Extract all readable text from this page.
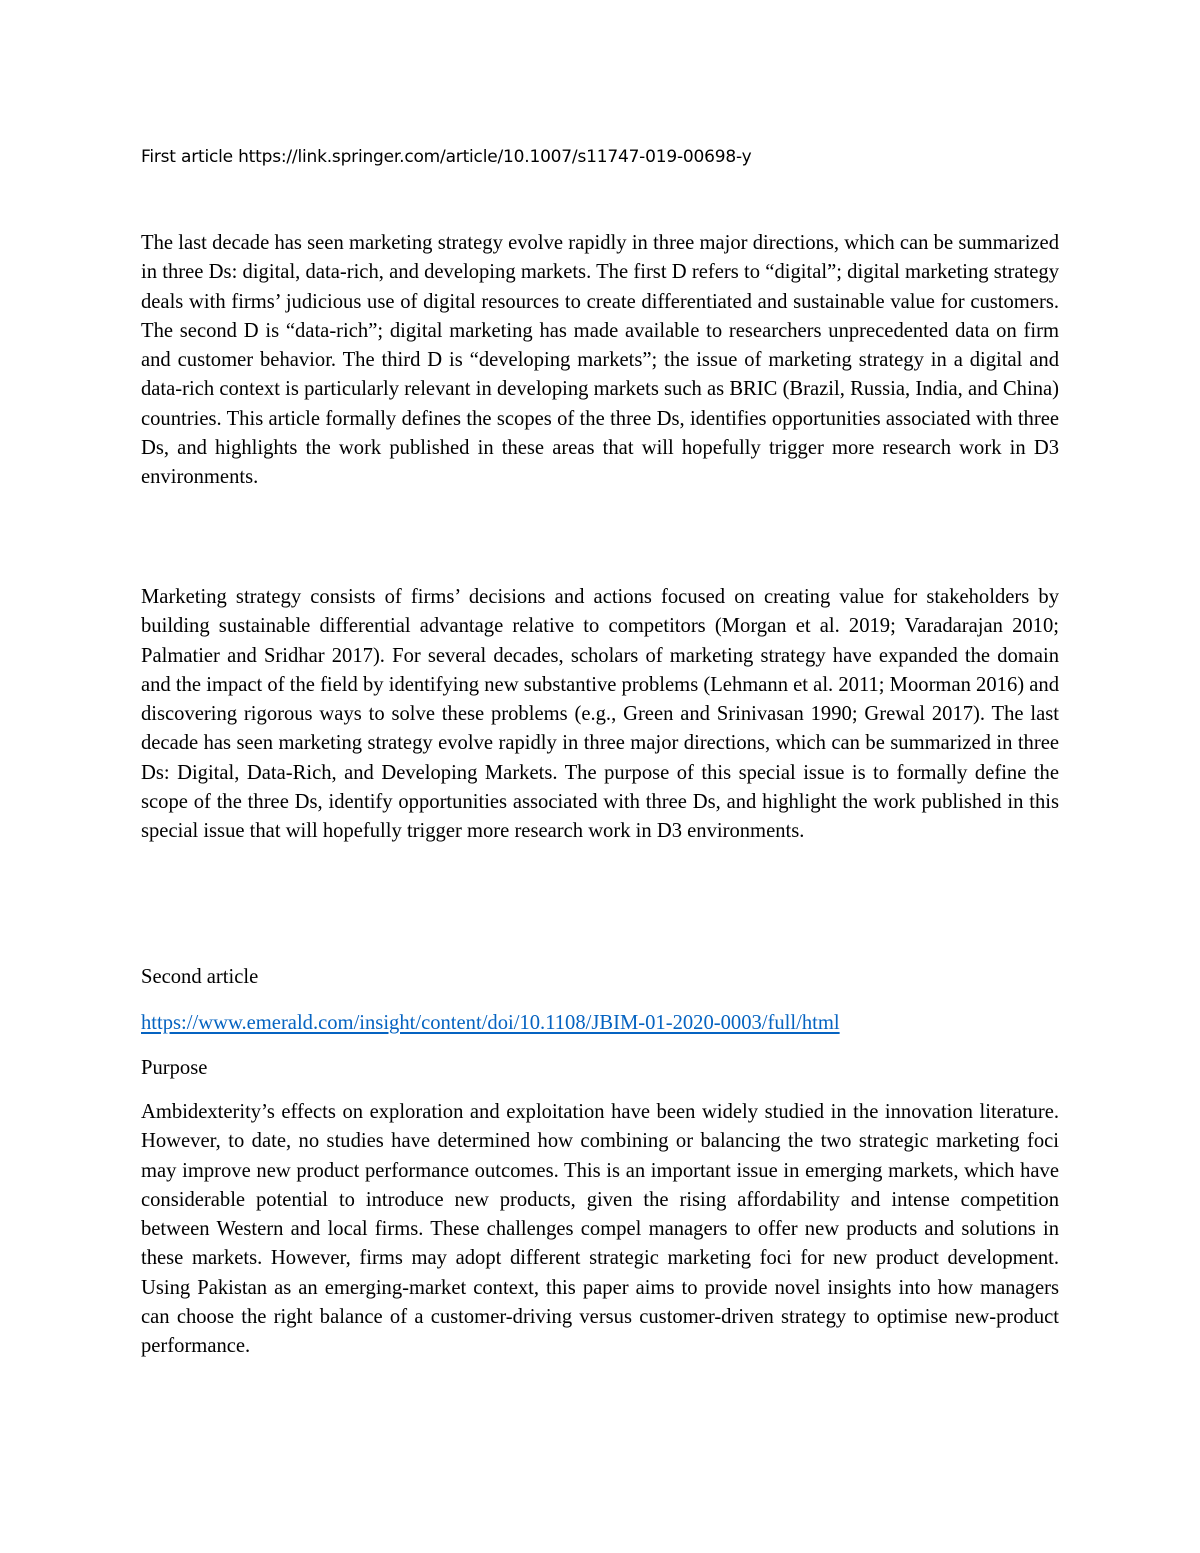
First article https://link.springer.com/article/10.1007/s11747-019-00698-y

The last decade has seen marketing strategy evolve rapidly in three major directions, which can be summarized in three Ds: digital, data-rich, and developing markets. The first D refers to “digital”; digital marketing strategy deals with firms’ judicious use of digital resources to create differentiated and sustainable value for customers. The second D is “data-rich”; digital marketing has made available to researchers unprecedented data on firm and customer behavior. The third D is “developing markets”; the issue of marketing strategy in a digital and data-rich context is particularly relevant in developing markets such as BRIC (Brazil, Russia, India, and China) countries. This article formally defines the scopes of the three Ds, identifies opportunities associated with three Ds, and highlights the work published in these areas that will hopefully trigger more research work in D3 environments.

Marketing strategy consists of firms’ decisions and actions focused on creating value for stakeholders by building sustainable differential advantage relative to competitors (Morgan et al. 2019; Varadarajan 2010; Palmatier and Sridhar 2017). For several decades, scholars of marketing strategy have expanded the domain and the impact of the field by identifying new substantive problems (Lehmann et al. 2011; Moorman 2016) and discovering rigorous ways to solve these problems (e.g., Green and Srinivasan 1990; Grewal 2017). The last decade has seen marketing strategy evolve rapidly in three major directions, which can be summarized in three Ds: Digital, Data-Rich, and Developing Markets. The purpose of this special issue is to formally define the scope of the three Ds, identify opportunities associated with three Ds, and highlight the work published in this special issue that will hopefully trigger more research work in D3 environments.

Second article

https://www.emerald.com/insight/content/doi/10.1108/JBIM-01-2020-0003/full/html

Purpose

Ambidexterity’s effects on exploration and exploitation have been widely studied in the innovation literature. However, to date, no studies have determined how combining or balancing the two strategic marketing foci may improve new product performance outcomes. This is an important issue in emerging markets, which have considerable potential to introduce new products, given the rising affordability and intense competition between Western and local firms. These challenges compel managers to offer new products and solutions in these markets. However, firms may adopt different strategic marketing foci for new product development. Using Pakistan as an emerging-market context, this paper aims to provide novel insights into how managers can choose the right balance of a customer-driving versus customer-driven strategy to optimise new-product performance.
